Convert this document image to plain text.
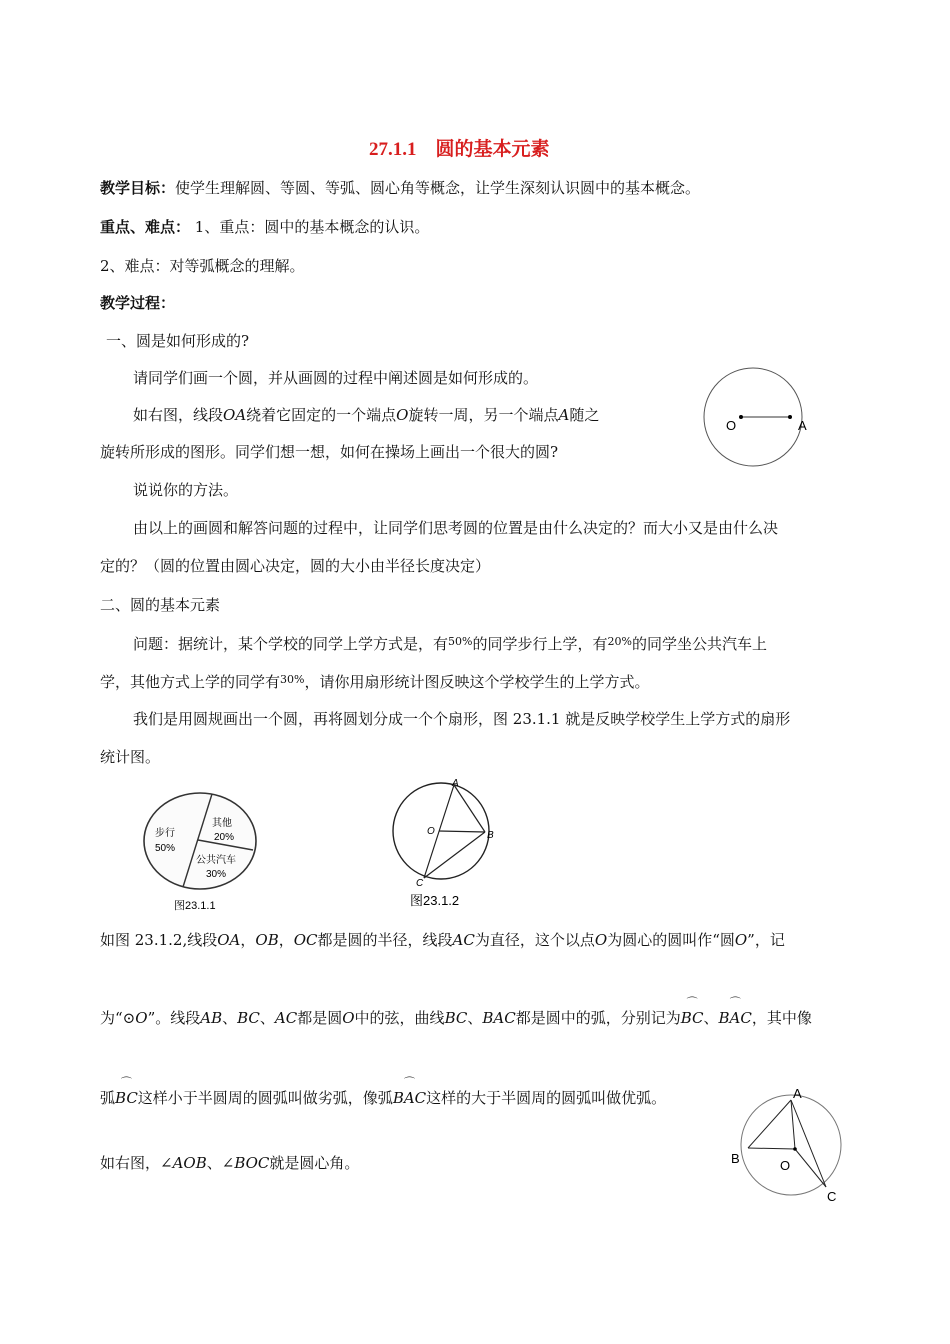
27.1.1　圆的基本元素
教学目标：使学生理解圆、等圆、等弧、圆心角等概念，让学生深刻认识圆中的基本概念。
重点、难点： 1、重点：圆中的基本概念的认识。
2、难点：对等弧概念的理解。
教学过程：
一、圆是如何形成的?
请同学们画一个圆，并从画圆的过程中阐述圆是如何形成的。
如右图，线段OA绕着它固定的一个端点O旋转一周，另一个端点A随之
旋转所形成的图形。同学们想一想，如何在操场上画出一个很大的圆?
说说你的方法。
由以上的画圆和解答问题的过程中，让同学们思考圆的位置是由什么决定的？而大小又是由什么决
定的？（圆的位置由圆心决定，圆的大小由半径长度决定）
O	A
二、圆的基本元素
问题：据统计，某个学校的同学上学方式是，有$^{50\%}$的同学步行上学，有$^{20\%}$的同学坐公共汽车上
学，其他方式上学的同学有$^{30\%}$，请你用扇形统计图反映这个学校学生的上学方式。
我们是用圆规画出一个圆，再将圆划分成一个个扇形，图 23.1.1 就是反映学校学生上学方式的扇形
统计图。
步行
50%
其他
20%
公共汽车
30%
图23.1.1
A
B
C
O
图23.1.2
如图 23.1.2,线段OA，OB，OC都是圆的半径，线段AC为直径，这个以点O为圆心的圆叫作“圆O”，记
为“⊙O”。线段AB、BC、AC都是圆O中的弦，曲线BC、BAC都是圆中的弧，分别记为
⌒
BC、
⌒
BAC，其中像
弧
⌒
BC这样小于半圆周的圆弧叫做劣弧，像弧
⌒
BAC这样的大于半圆周的圆弧叫做优弧。
如右图，∠AOB、∠BOC就是圆心角。
A
B
C
O
